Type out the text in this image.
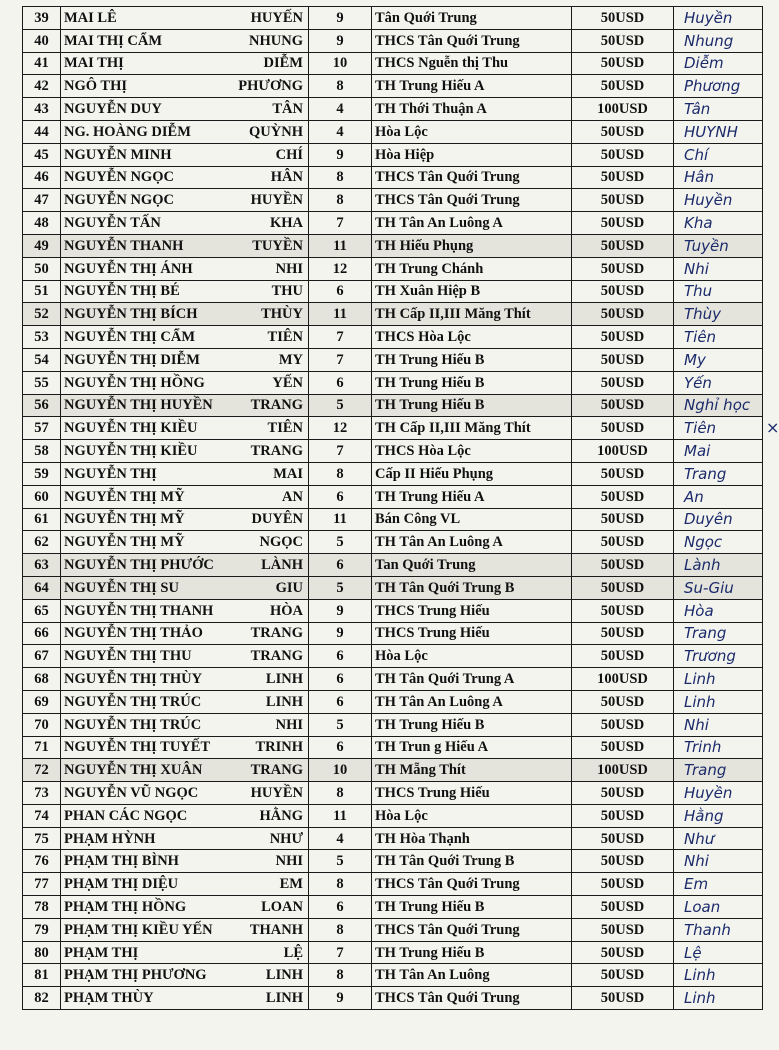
39	MAI LÊ HUYẾN	9	Tân Quới Trung	50USD	Huyền
40	MAI THỊ CẨM NHUNG	9	THCS Tân Quới Trung	50USD	Nhung
41	MAI THỊ DIỄM	10	THCS Nguễn thị Thu	50USD	Diễm
42	NGÔ THỊ PHƯƠNG	8	TH Trung Hiếu A	50USD	Phương
43	NGUYỄN DUY TÂN	4	TH Thới Thuận A	100USD	Tân
44	NG. HOÀNG DIỄM QUỲNH	4	Hòa Lộc	50USD	HUYNH
45	NGUYỄN MINH CHÍ	9	Hòa Hiệp	50USD	Chí
46	NGUYỄN NGỌC HÂN	8	THCS Tân Quới Trung	50USD	Hân
47	NGUYỄN NGỌC HUYỀN	8	THCS Tân Quới Trung	50USD	Huyền
48	NGUYỄN TẤN KHA	7	TH Tân An Luông A	50USD	Kha
49	NGUYỄN THANH TUYỀN	11	TH Hiếu Phụng	50USD	Tuyền
50	NGUYỄN THỊ ÁNH NHI	12	TH Trung Chánh	50USD	Nhi
51	NGUYỄN THỊ BÉ THU	6	TH Xuân Hiệp B	50USD	Thu
52	NGUYỄN THỊ BÍCH THÙY	11	TH Cấp II,III Măng Thít	50USD	Thùy
53	NGUYỄN THỊ CẨM TIÊN	7	THCS Hòa Lộc	50USD	Tiên
54	NGUYỄN THỊ DIỄM MY	7	TH Trung Hiếu B	50USD	My
55	NGUYỄN THỊ HỒNG YẾN	6	TH Trung Hiếu B	50USD	Yến
56	NGUYỄN THỊ HUYỀN TRANG	5	TH Trung Hiếu B	50USD	Nghỉ học
57	NGUYỄN THỊ KIỀU TIÊN	12	TH Cấp II,III Măng Thít	50USD	Tiên
58	NGUYỄN THỊ KIỀU TRANG	7	THCS Hòa Lộc	100USD	Mai
59	NGUYỄN THỊ MAI	8	Cấp II Hiếu Phụng	50USD	Trang
60	NGUYỄN THỊ MỸ AN	6	TH Trung Hiếu A	50USD	An
61	NGUYỄN THỊ MỸ DUYÊN	11	Bán Công VL	50USD	Duyên
62	NGUYỄN THỊ MỸ NGỌC	5	TH Tân An Luông A	50USD	Ngọc
63	NGUYỄN THỊ PHƯỚC LÀNH	6	Tan Quới Trung	50USD	Lành
64	NGUYỄN THỊ SU GIU	5	TH Tân Quới Trung B	50USD	Su-Giu
65	NGUYỄN THỊ THANH HÒA	9	THCS Trung Hiếu	50USD	Hòa
66	NGUYỄN THỊ THẢO TRANG	9	THCS Trung Hiếu	50USD	Trang
67	NGUYỄN THỊ THU TRANG	6	Hòa Lộc	50USD	Trương
68	NGUYỄN THỊ THÙY LINH	6	TH Tân Quới Trung A	100USD	Linh
69	NGUYỄN THỊ TRÚC LINH	6	TH Tân An Luông A	50USD	Linh
70	NGUYỄN THỊ TRÚC NHI	5	TH Trung Hiếu B	50USD	Nhi
71	NGUYỄN THỊ TUYẾT TRINH	6	TH Trun g Hiếu A	50USD	Trinh
72	NGUYỄN THỊ XUÂN TRANG	10	TH Mẵng Thít	100USD	Trang
73	NGUYỄN VŨ NGỌC HUYỀN	8	THCS Trung Hiếu	50USD	Huyền
74	PHAN CÁC NGỌC HẰNG	11	Hòa Lộc	50USD	Hằng
75	PHẠM HỲNH NHƯ	4	TH Hòa Thạnh	50USD	Như
76	PHẠM THỊ BÌNH NHI	5	TH Tân Quới Trung B	50USD	Nhi
77	PHẠM THỊ DIỆU EM	8	THCS Tân Quới Trung	50USD	Em
78	PHẠM THỊ HỒNG LOAN	6	TH Trung Hiếu B	50USD	Loan
79	PHẠM THỊ KIỀU YẾN THANH	8	THCS Tân Quới Trung	50USD	Thanh
80	PHẠM THỊ LỆ	7	TH Trung Hiếu B	50USD	Lệ
81	PHẠM THỊ PHƯƠNG LINH	8	TH Tân An Luông	50USD	Linh
82	PHẠM THÙY LINH	9	THCS Tân Quới Trung	50USD	Linh
×
